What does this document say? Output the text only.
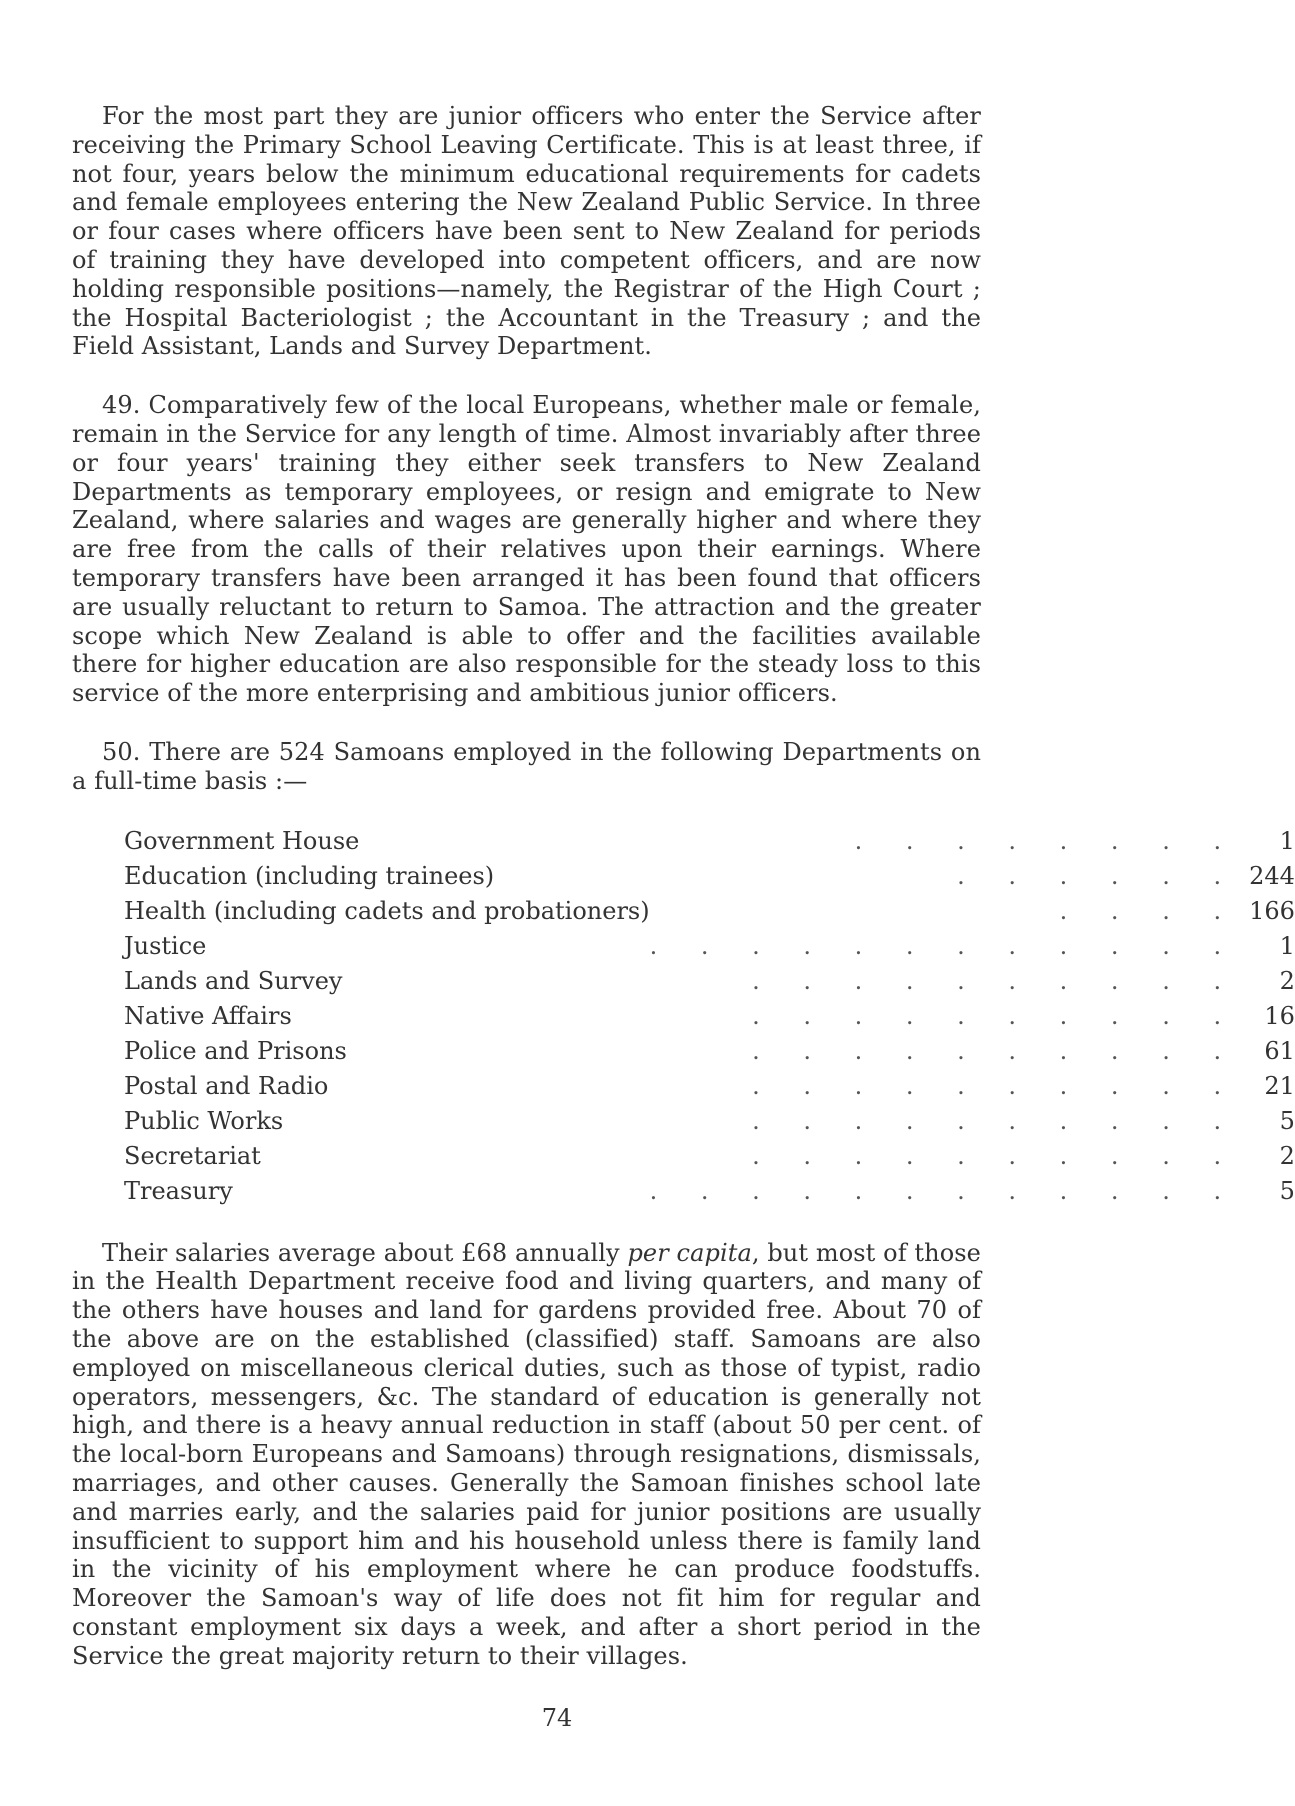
For the most part they are junior officers who enter the Service after receiving the Primary School Leaving Certificate. This is at least three, if not four, years below the minimum educational requirements for cadets and female employees entering the New Zealand Public Service. In three or four cases where officers have been sent to New Zealand for periods of training they have developed into competent officers, and are now holding responsible positions—namely, the Registrar of the High Court ; the Hospital Bacteriologist ; the Accountant in the Treasury ; and the Field Assistant, Lands and Survey Department.

49. Comparatively few of the local Europeans, whether male or female, remain in the Service for any length of time. Almost invariably after three or four years' training they either seek transfers to New Zealand Departments as temporary employees, or resign and emigrate to New Zealand, where salaries and wages are generally higher and where they are free from the calls of their relatives upon their earnings. Where temporary transfers have been arranged it has been found that officers are usually reluctant to return to Samoa. The attraction and the greater scope which New Zealand is able to offer and the facilities available there for higher education are also responsible for the steady loss to this service of the more enterprising and ambitious junior officers.

50. There are 524 Samoans employed in the following Departments on a full-time basis :—

Government House	. . . . . . . .	1
Education (including trainees)	. . . . . .	244
Health (including cadets and probationers)	. . . .	166
Justice	. . . . . . . . . . . .	1
Lands and Survey	. . . . . . . . . .	2
Native Affairs	. . . . . . . . . .	16
Police and Prisons	. . . . . . . . . .	61
Postal and Radio	. . . . . . . . . .	21
Public Works	. . . . . . . . . .	5
Secretariat	. . . . . . . . . .	2
Treasury	. . . . . . . . . . . .	5

Their salaries average about £68 annually per capita, but most of those in the Health Department receive food and living quarters, and many of the others have houses and land for gardens provided free. About 70 of the above are on the established (classified) staff. Samoans are also employed on miscellaneous clerical duties, such as those of typist, radio operators, messengers, &c. The standard of education is generally not high, and there is a heavy annual reduction in staff (about 50 per cent. of the local-born Europeans and Samoans) through resignations, dismissals, marriages, and other causes. Generally the Samoan finishes school late and marries early, and the salaries paid for junior positions are usually insufficient to support him and his household unless there is family land in the vicinity of his employment where he can produce foodstuffs. Moreover the Samoan's way of life does not fit him for regular and constant employment six days a week, and after a short period in the Service the great majority return to their villages.

74
